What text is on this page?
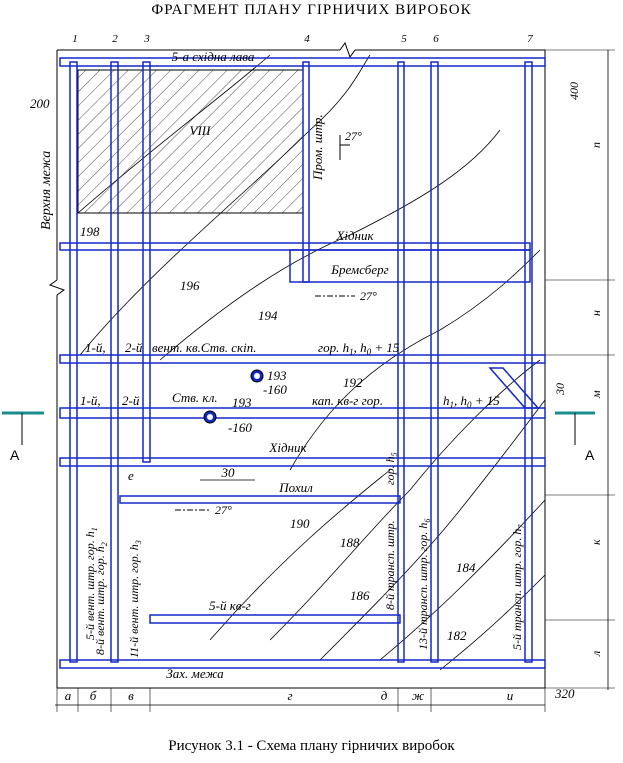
ФРАГМЕНТ ПЛАНУ ГІРНИЧИХ ВИРОБОК
1	2 3	4	5 6	7
5-а східна лава
VIII
Верхня межа
Пром. штр. 27°
Хідник
Бремсберг
27°
1-й, 2-й вент. кв.Ств. скіп.	гор. $h_1$, $h_0 + 15$
1-й, 2-й	Ств. кл.	кап. кв-г гор.	$h_1$, $h_0 + 15$
193
-160
193
-160
Хідник
е
Похил
30
27°
30
5-й вент. штр. гор. $h_1$
8-й вент. штр. гор. $h_2$ 11-й вент. штр. гор. $h_3$
5-й кв-г
гор. $h_5$
8-й трансп. штр. 13-й трансп. штр. гор. $h_6$
5-й трансп. штр. гор. $h_7$
Зах. межа
200
400
320
198
196
194
192
190
188
186
184
182
А	А
п
н
м
к
л
а б в	г	д ж	и
Рисунок 3.1 - Схема плану гірничих виробок
